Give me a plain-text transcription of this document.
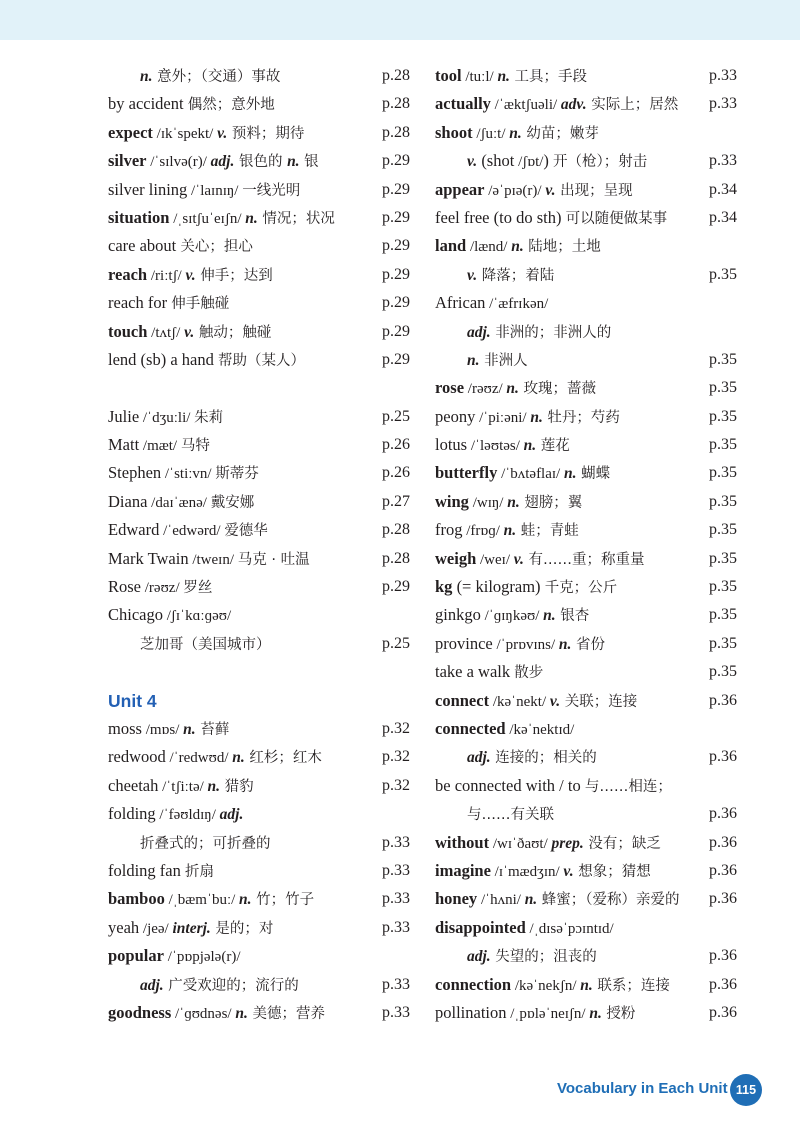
n. 意外；（交通）事故	p.28
by accident 偶然；意外地	p.28
expect /ɪkˈspekt/ v. 预料；期待	p.28
silver /ˈsɪlvə(r)/ adj. 银色的 n. 银	p.29
silver lining /ˈlaɪnɪŋ/ 一线光明	p.29
situation /ˌsɪtʃuˈeɪʃn/ n. 情况；状况	p.29
care about 关心；担心	p.29
reach /riːtʃ/ v. 伸手；达到	p.29
reach for 伸手触碰	p.29
touch /tʌtʃ/ v. 触动；触碰	p.29
lend (sb) a hand 帮助（某人）	p.29
Julie /ˈdʒuːli/ 朱莉	p.25
Matt /mæt/ 马特	p.26
Stephen /ˈstiːvn/ 斯蒂芬	p.26
Diana /daɪˈænə/ 戴安娜	p.27
Edward /ˈedwərd/ 爱德华	p.28
Mark Twain /tweɪn/ 马克 · 吐温	p.28
Rose /rəʊz/ 罗丝	p.29
Chicago /ʃɪˈkɑːɡəʊ/
芝加哥（美国城市）	p.25
Unit 4
moss /mɒs/ n. 苔藓	p.32
redwood /ˈredwʊd/ n. 红杉；红木	p.32
cheetah /ˈtʃiːtə/ n. 猎豹	p.32
folding /ˈfəʊldɪŋ/ adj.
折叠式的；可折叠的	p.33
folding fan 折扇	p.33
bamboo /ˌbæmˈbuː/ n. 竹；竹子	p.33
yeah /jeə/ interj. 是的；对	p.33
popular /ˈpɒpjələ(r)/
adj. 广受欢迎的；流行的	p.33
goodness /ˈɡʊdnəs/ n. 美德；营养	p.33
tool /tuːl/ n. 工具；手段	p.33
actually /ˈæktʃuəli/ adv. 实际上；居然 p.33
shoot /ʃuːt/ n. 幼苗；嫩芽
v. (shot /ʃɒt/) 开（枪）；射击	p.33
appear /əˈpɪə(r)/ v. 出现；呈现	p.34
feel free (to do sth) 可以随便做某事	p.34
land /lænd/ n. 陆地；土地
v. 降落；着陆	p.35
African /ˈæfrɪkən/
adj. 非洲的；非洲人的
n. 非洲人	p.35
rose /rəʊz/ n. 玫瑰；蔷薇	p.35
peony /ˈpiːəni/ n. 牡丹；芍药	p.35
lotus /ˈləʊtəs/ n. 莲花	p.35
butterfly /ˈbʌtəflaɪ/ n. 蝴蝶	p.35
wing /wɪŋ/ n. 翅膀；翼	p.35
frog /frɒɡ/ n. 蛙；青蛙	p.35
weigh /weɪ/ v. 有……重；称重量	p.35
kg (= kilogram) 千克；公斤	p.35
ginkgo /ˈɡɪŋkəʊ/ n. 银杏	p.35
province /ˈprɒvɪns/ n. 省份	p.35
take a walk 散步	p.35
connect /kəˈnekt/ v. 关联；连接	p.36
connected /kəˈnektɪd/
adj. 连接的；相关的	p.36
be connected with / to 与……相连；
与……有关联	p.36
without /wɪˈðaʊt/ prep. 没有；缺乏	p.36
imagine /ɪˈmædʒɪn/ v. 想象；猜想	p.36
honey /ˈhʌni/ n. 蜂蜜；（爱称）亲爱的 p.36
disappointed /ˌdɪsəˈpɔɪntɪd/
adj. 失望的；沮丧的	p.36
connection /kəˈnekʃn/ n. 联系；连接 p.36
pollination /ˌpɒləˈneɪʃn/ n. 授粉	p.36
Vocabulary in Each Unit 115
